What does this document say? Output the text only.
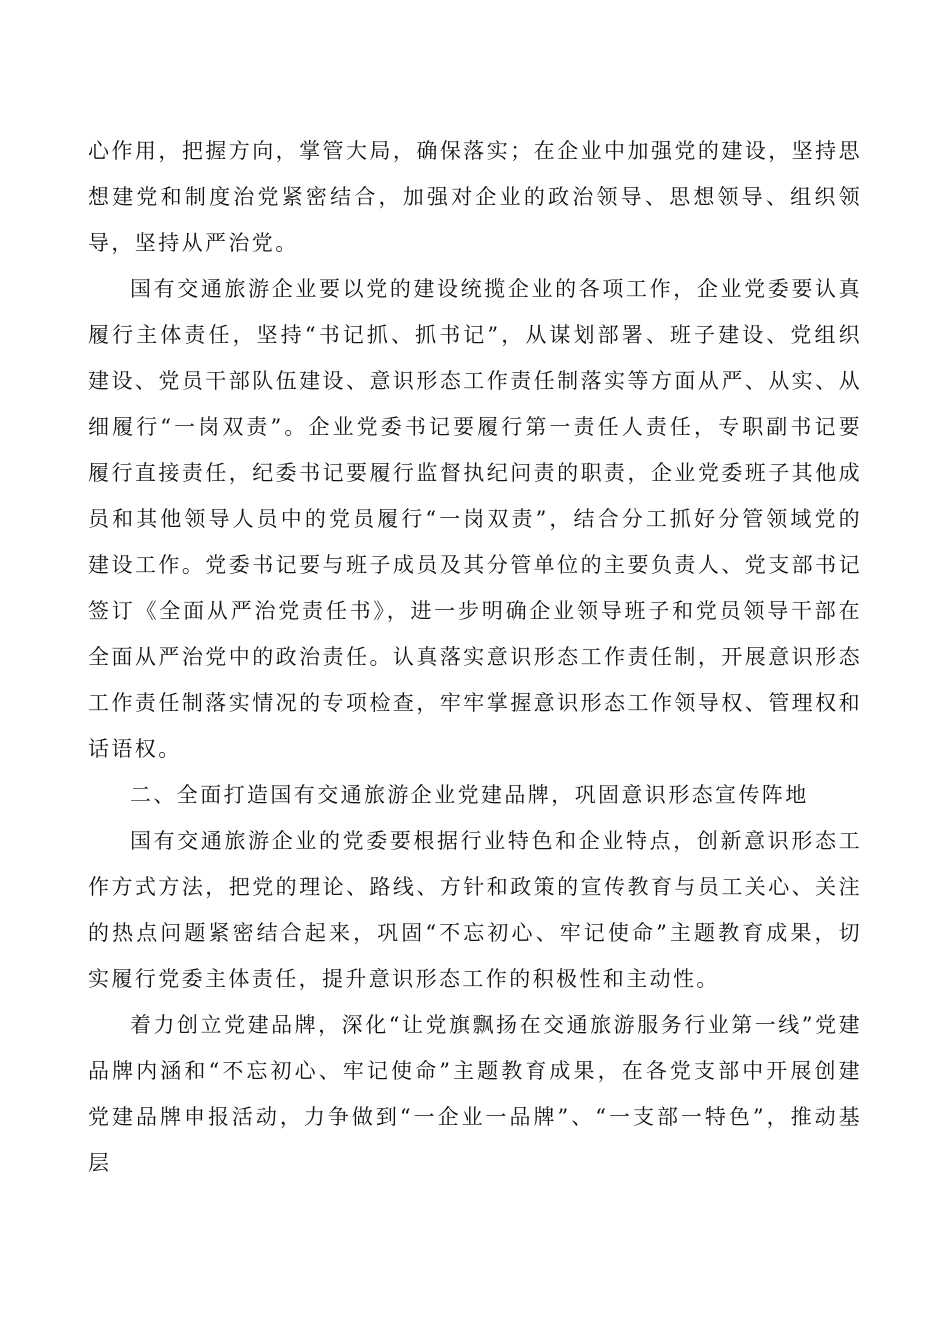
心作用，把握方向，掌管大局，确保落实；在企业中加强党的建设，坚持思想建党和制度治党紧密结合，加强对企业的政治领导、思想领导、组织领导，坚持从严治党。

国有交通旅游企业要以党的建设统揽企业的各项工作，企业党委要认真履行主体责任，坚持“书记抓、抓书记”，从谋划部署、班子建设、党组织建设、党员干部队伍建设、意识形态工作责任制落实等方面从严、从实、从细履行“一岗双责”。企业党委书记要履行第一责任人责任，专职副书记要履行直接责任，纪委书记要履行监督执纪问责的职责，企业党委班子其他成员和其他领导人员中的党员履行“一岗双责”，结合分工抓好分管领域党的建设工作。党委书记要与班子成员及其分管单位的主要负责人、党支部书记签订《全面从严治党责任书》，进一步明确企业领导班子和党员领导干部在全面从严治党中的政治责任。认真落实意识形态工作责任制，开展意识形态工作责任制落实情况的专项检查，牢牢掌握意识形态工作领导权、管理权和话语权。

二、全面打造国有交通旅游企业党建品牌，巩固意识形态宣传阵地

国有交通旅游企业的党委要根据行业特色和企业特点，创新意识形态工作方式方法，把党的理论、路线、方针和政策的宣传教育与员工关心、关注的热点问题紧密结合起来，巩固“不忘初心、牢记使命”主题教育成果，切实履行党委主体责任，提升意识形态工作的积极性和主动性。

着力创立党建品牌，深化“让党旗飘扬在交通旅游服务行业第一线”党建品牌内涵和“不忘初心、牢记使命”主题教育成果，在各党支部中开展创建党建品牌申报活动，力争做到“一企业一品牌”、“一支部一特色”，推动基层
